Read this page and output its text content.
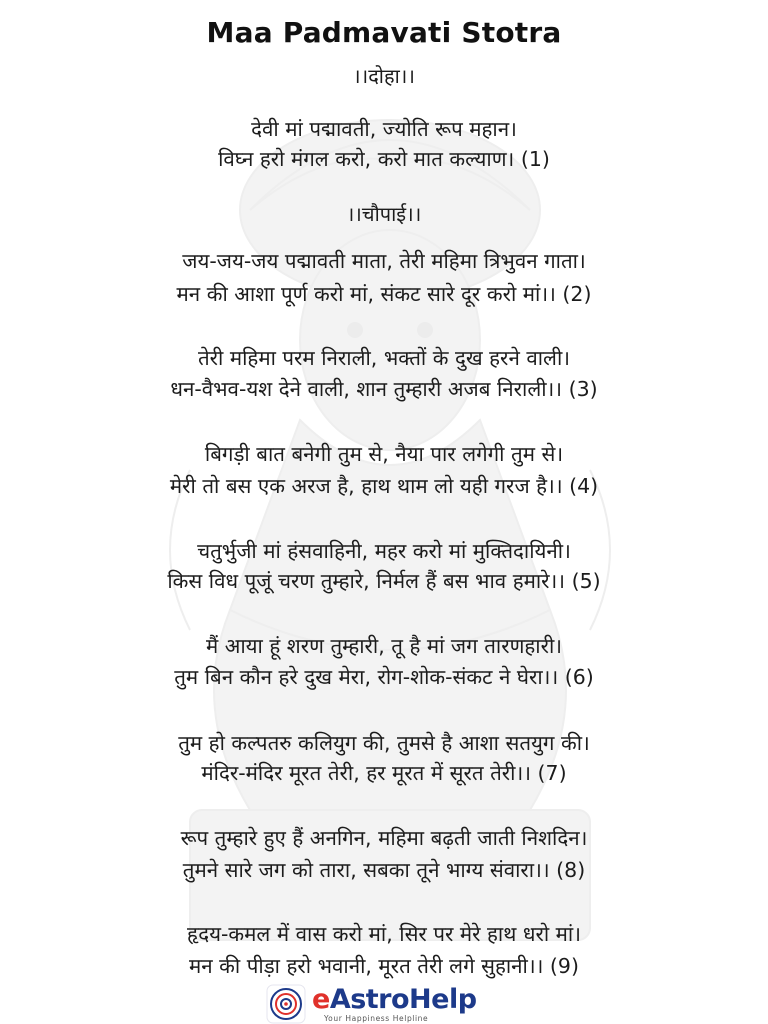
Maa Padmavati Stotra
।।दोहा।।
देवी मां पद्मावती, ज्योति रूप महान।
विघ्न हरो मंगल करो, करो मात कल्याण। (1)
।।चौपाई।।
जय-जय-जय पद्मावती माता, तेरी महिमा त्रिभुवन गाता।
मन की आशा पूर्ण करो मां, संकट सारे दूर करो मां।। (2)
तेरी महिमा परम निराली, भक्तों के दुख हरने वाली।
धन-वैभव-यश देने वाली, शान तुम्हारी अजब निराली।। (3)
बिगड़ी बात बनेगी तुम से, नैया पार लगेगी तुम से।
मेरी तो बस एक अरज है, हाथ थाम लो यही गरज है।। (4)
चतुर्भुजी मां हंसवाहिनी, महर करो मां मुक्तिदायिनी।
किस विध पूजूं चरण तुम्हारे, निर्मल हैं बस भाव हमारे।। (5)
मैं आया हूं शरण तुम्हारी, तू है मां जग तारणहारी।
तुम बिन कौन हरे दुख मेरा, रोग-शोक-संकट ने घेरा।। (6)
तुम हो कल्पतरु कलियुग की, तुमसे है आशा सतयुग की।
मंदिर-मंदिर मूरत तेरी, हर मूरत में सूरत तेरी।। (7)
रूप तुम्हारे हुए हैं अनगिन, महिमा बढ़ती जाती निशदिन।
तुमने सारे जग को तारा, सबका तूने भाग्य संवारा।। (8)
हृदय-कमल में वास करो मां, सिर पर मेरे हाथ धरो मां।
मन की पीड़ा हरो भवानी, मूरत तेरी लगे सुहानी।। (9)
eAstroHelp
Your Happiness Helpline
